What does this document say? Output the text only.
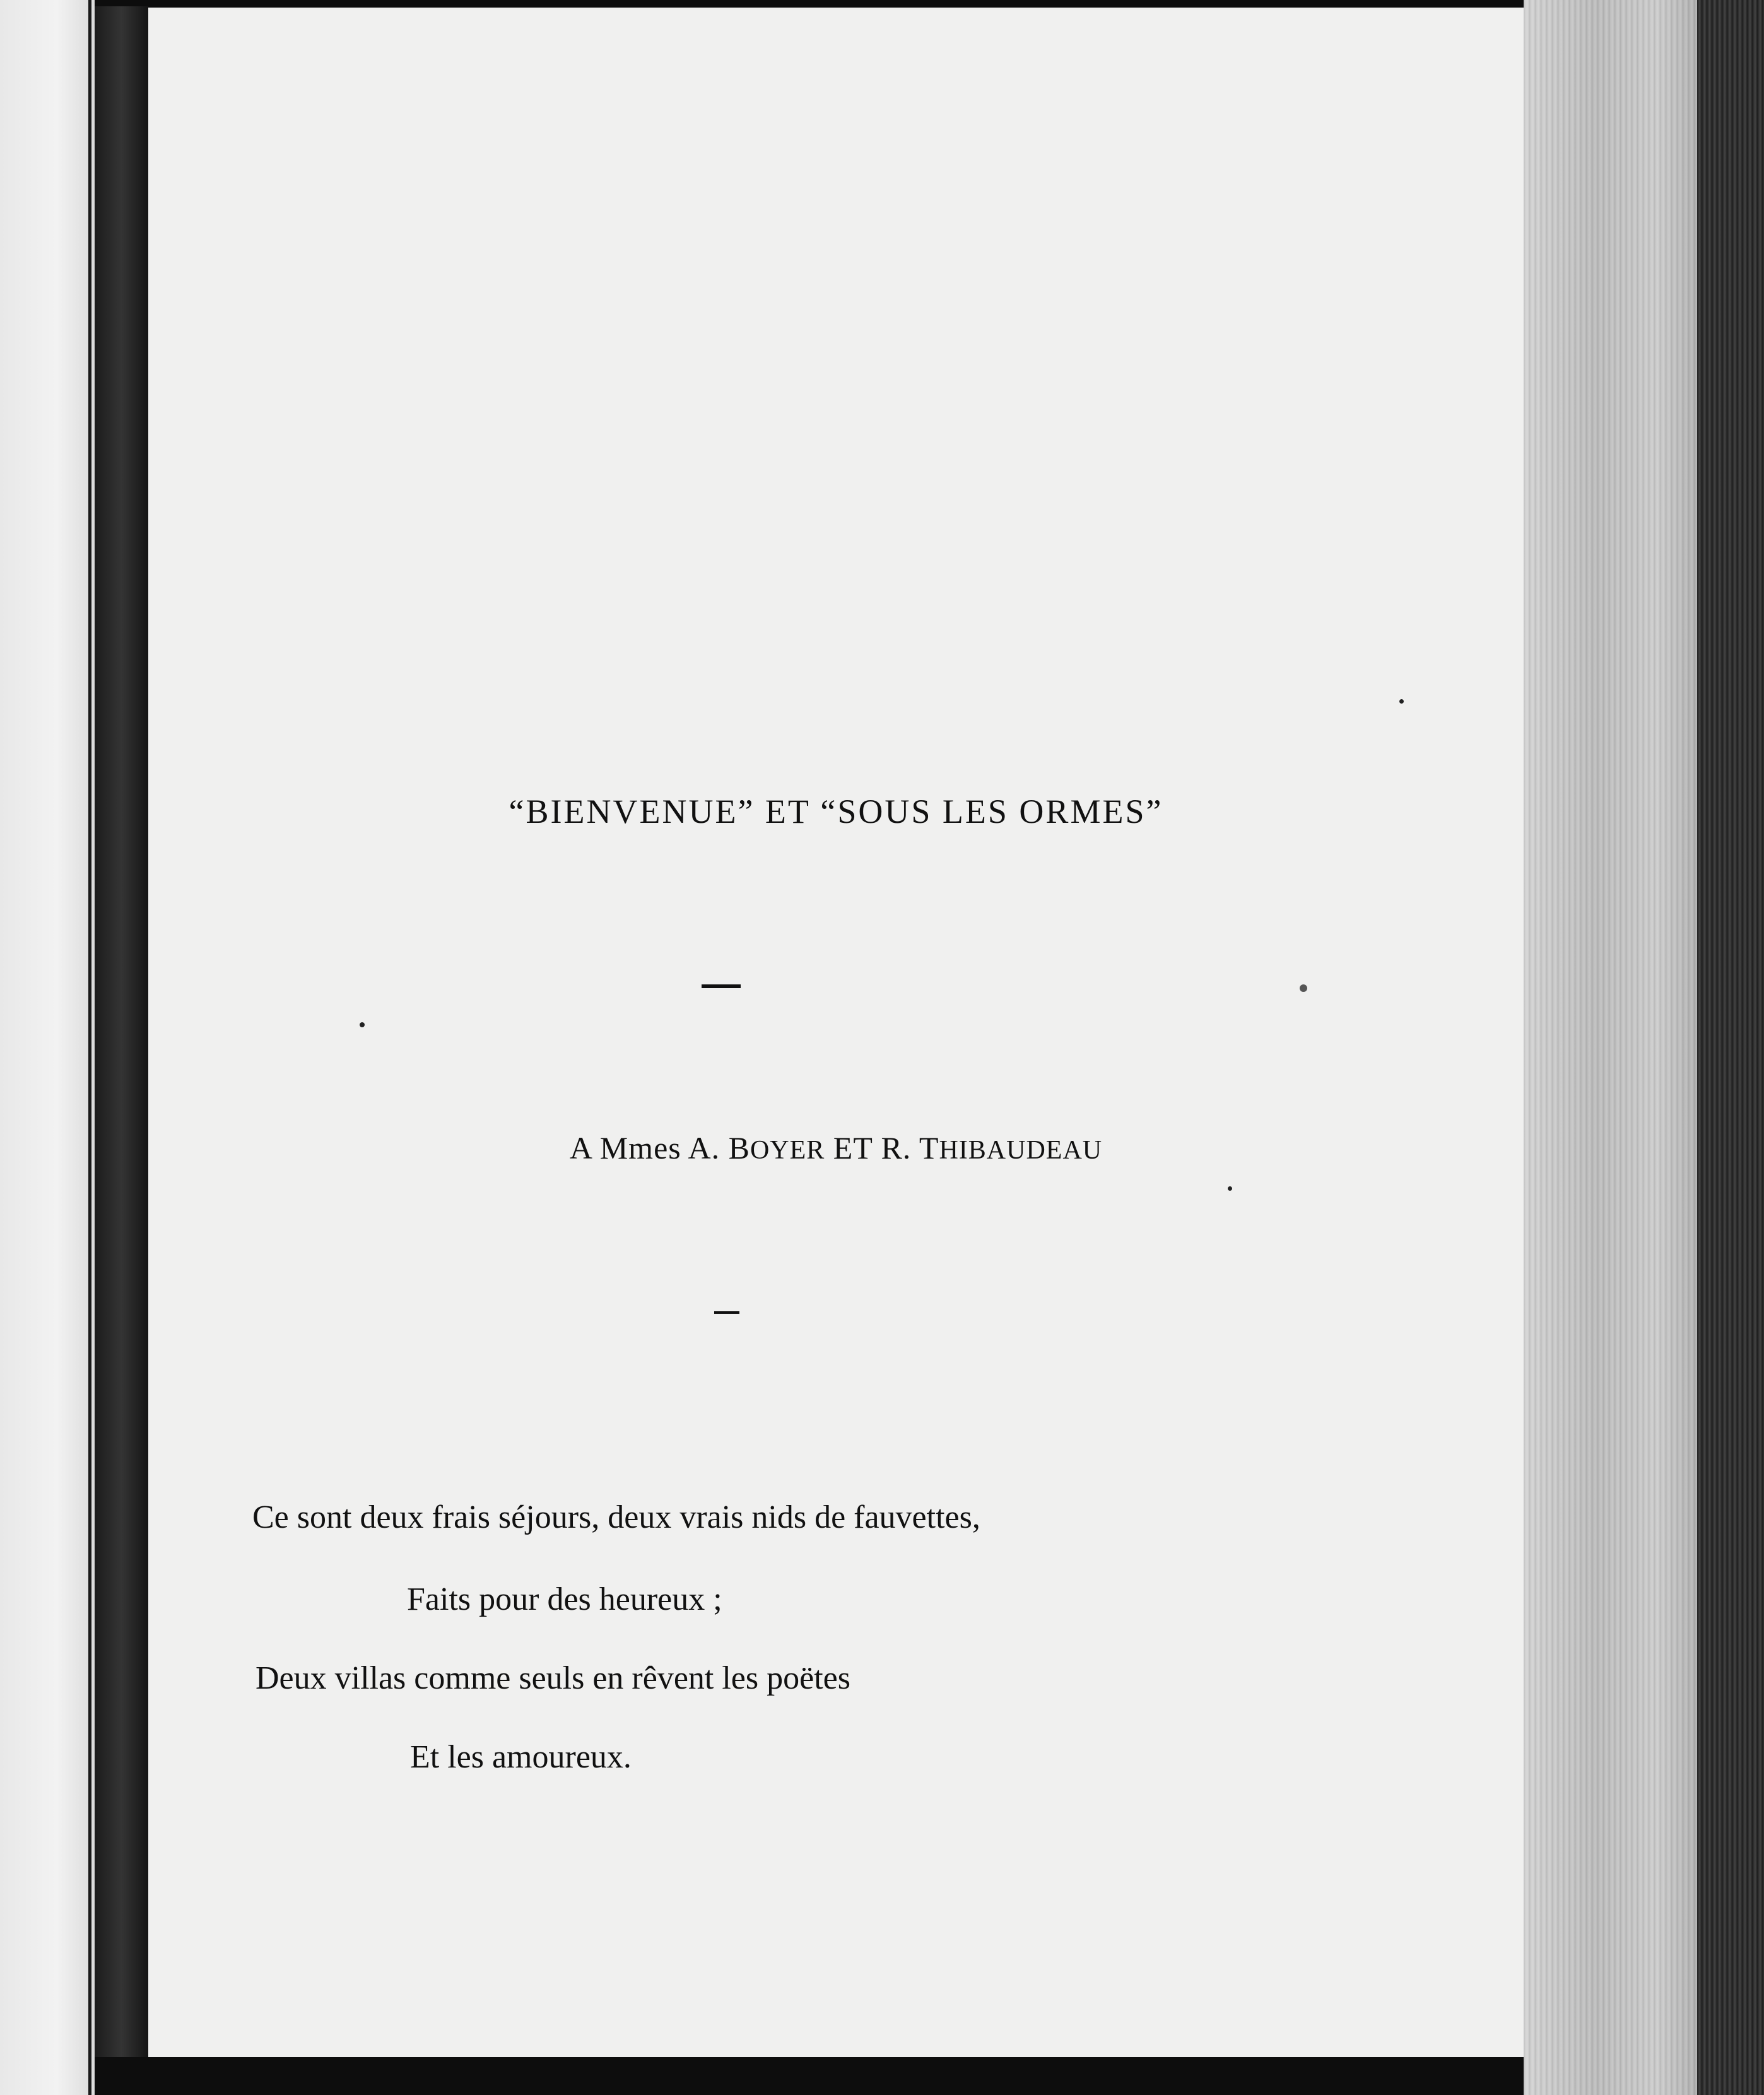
“BIENVENUE” ET “SOUS LES ORMES”
A Mmes A. BOYER ET R. THIBAUDEAU
Ce sont deux frais séjours, deux vrais nids de fauvettes,
Faits pour des heureux ;
Deux villas comme seuls en rêvent les poëtes
Et les amoureux.
